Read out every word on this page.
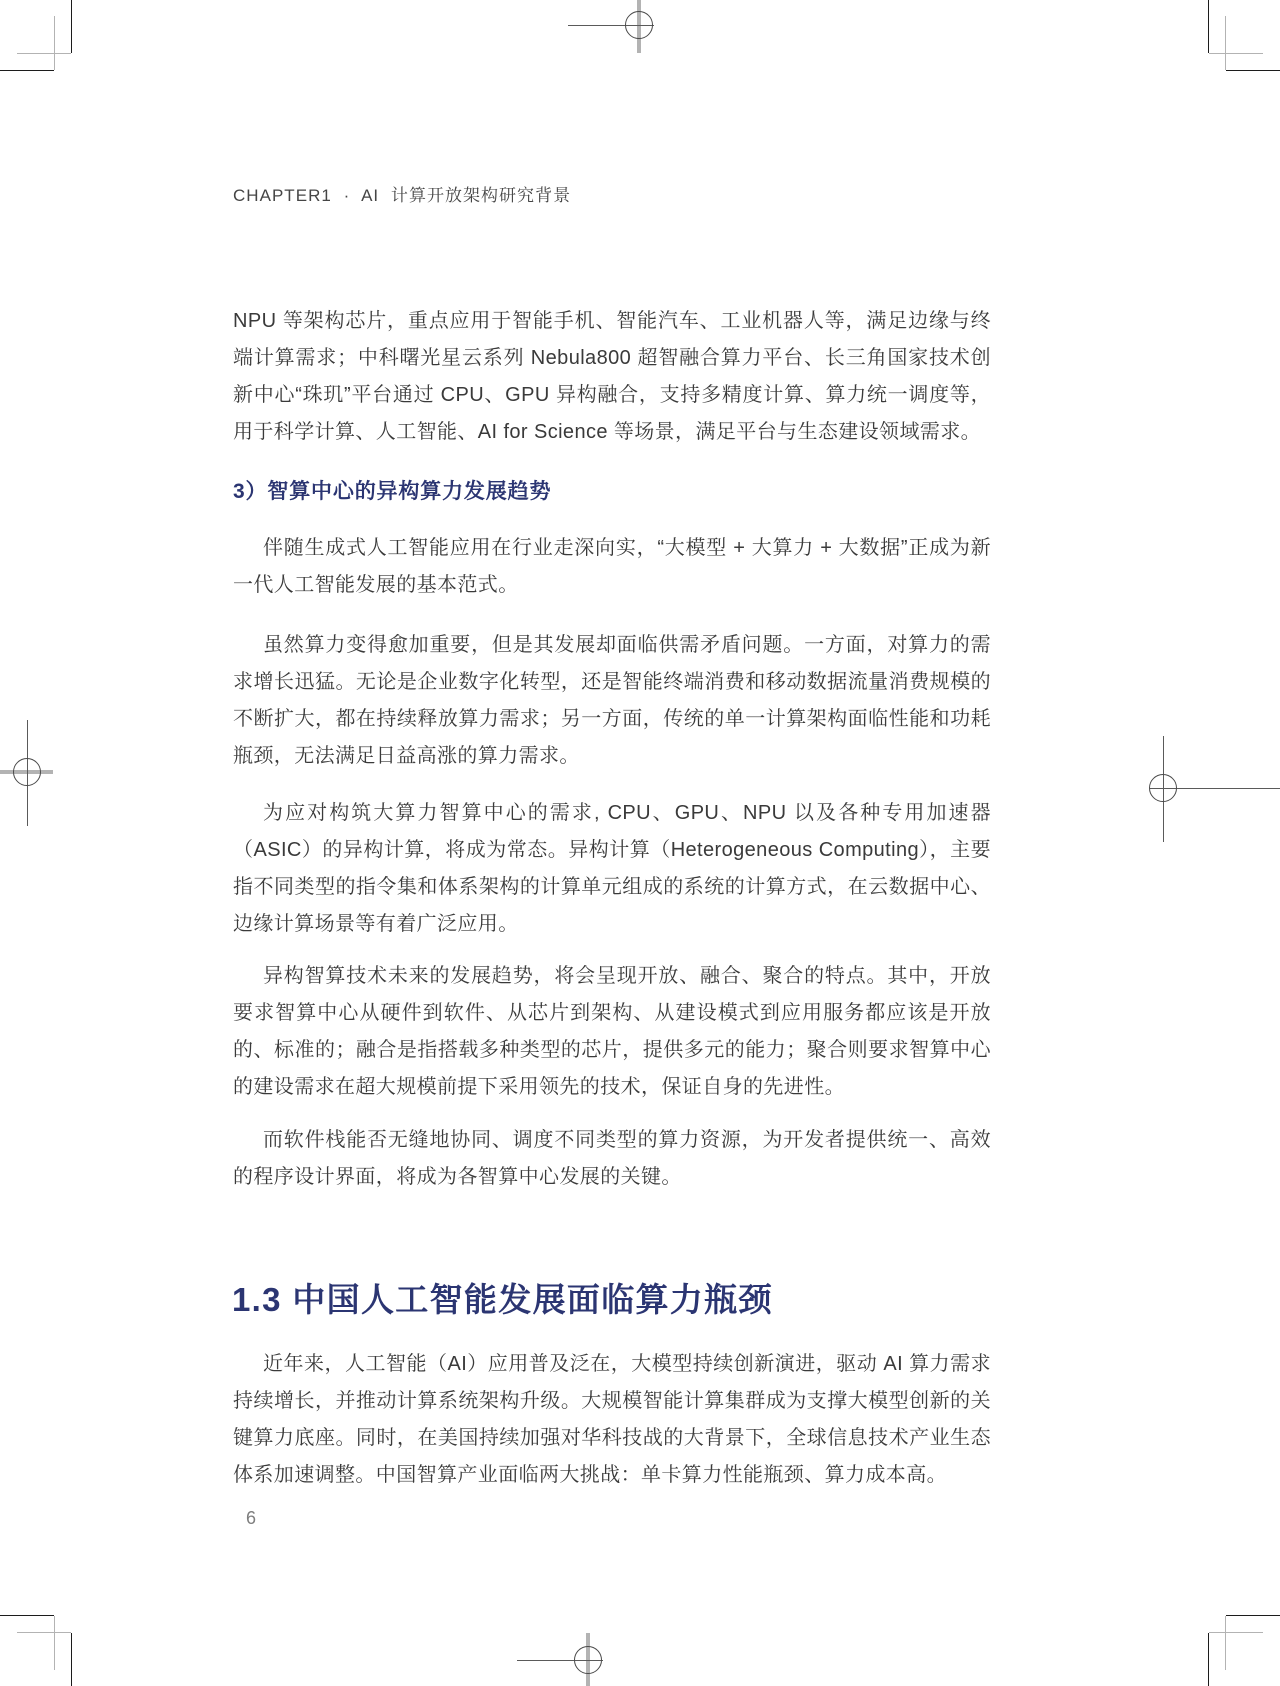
CHAPTER1 · AI 计算开放架构研究背景
NPU 等架构芯片，重点应用于智能手机、智能汽车、工业机器人等，满足边缘与终端计算需求；中科曙光星云系列 Nebula800 超智融合算力平台、长三角国家技术创新中心“珠玑”平台通过 CPU、GPU 异构融合，支持多精度计算、算力统一调度等，用于科学计算、人工智能、AI for Science 等场景，满足平台与生态建设领域需求。
3）智算中心的异构算力发展趋势
伴随生成式人工智能应用在行业走深向实，“大模型 + 大算力 + 大数据”正成为新一代人工智能发展的基本范式。
虽然算力变得愈加重要，但是其发展却面临供需矛盾问题。一方面，对算力的需求增长迅猛。无论是企业数字化转型，还是智能终端消费和移动数据流量消费规模的不断扩大，都在持续释放算力需求；另一方面，传统的单一计算架构面临性能和功耗瓶颈，无法满足日益高涨的算力需求。
为应对构筑大算力智算中心的需求, CPU、GPU、NPU 以及各种专用加速器（ASIC）的异构计算，将成为常态。异构计算（Heterogeneous Computing），主要指不同类型的指令集和体系架构的计算单元组成的系统的计算方式，在云数据中心、边缘计算场景等有着广泛应用。
异构智算技术未来的发展趋势，将会呈现开放、融合、聚合的特点。其中，开放要求智算中心从硬件到软件、从芯片到架构、从建设模式到应用服务都应该是开放的、标准的；融合是指搭载多种类型的芯片，提供多元的能力；聚合则要求智算中心的建设需求在超大规模前提下采用领先的技术，保证自身的先进性。
而软件栈能否无缝地协同、调度不同类型的算力资源，为开发者提供统一、高效的程序设计界面，将成为各智算中心发展的关键。
1.3 中国人工智能发展面临算力瓶颈
近年来，人工智能（AI）应用普及泛在，大模型持续创新演进，驱动 AI 算力需求持续增长，并推动计算系统架构升级。大规模智能计算集群成为支撑大模型创新的关键算力底座。同时，在美国持续加强对华科技战的大背景下，全球信息技术产业生态体系加速调整。中国智算产业面临两大挑战：单卡算力性能瓶颈、算力成本高。
6
